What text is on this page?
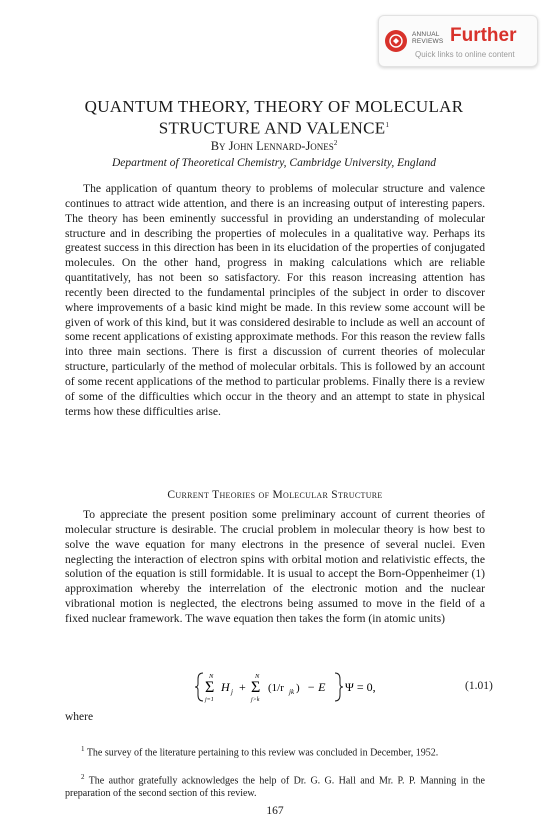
ANNUAL
REVIEWS Further
Quick links to online content
QUANTUM THEORY, THEORY OF MOLECULAR
STRUCTURE AND VALENCE$^1$
By John Lennard-Jones$^2$
Department of Theoretical Chemistry, Cambridge University, England

The application of quantum theory to problems of molecular structure and valence continues to attract wide attention, and there is an increasing output of interesting papers. The theory has been eminently successful in providing an understanding of molecular structure and in describing the properties of molecules in a qualitative way. Perhaps its greatest success in this direction has been in its elucidation of the properties of conjugated molecules. On the other hand, progress in making calculations which are reliable quantitatively, has not been so satisfactory. For this reason increasing attention has recently been directed to the fundamental principles of the subject in order to discover where improvements of a basic kind might be made. In this review some account will be given of work of this kind, but it was considered desirable to include as well an account of some recent applications of existing approximate methods. For this reason the review falls into three main sections. There is first a discussion of current theories of molecular structure, particularly of the method of molecular orbitals. This is followed by an account of some recent applications of the method to particular problems. Finally there is a review of some of the difficulties which occur in the theory and an attempt to state in physical terms how these difficulties arise.

Current Theories of Molecular Structure

To appreciate the present position some preliminary account of current theories of molecular structure is desirable. The crucial problem in molecular theory is how best to solve the wave equation for many electrons in the presence of several nuclei. Even neglecting the interaction of electron spins with orbital motion and relativistic effects, the solution of the equation is still formidable. It is usual to accept the Born-Oppenheimer (1) approximation whereby the interrelation of the electronic motion and the nuclear vibrational motion is neglected, the electrons being assumed to move in the field of a fixed nuclear framework. The wave equation then takes the form (in atomic units)

N
Σ
j=1
H j +
N
Σ
j>k
(1/r jk ) − E Ψ = 0,	(1.01)
where

$^1$ The survey of the literature pertaining to this review was concluded in December, 1952.

$^2$ The author gratefully acknowledges the help of Dr. G. G. Hall and Mr. P. P. Manning in the preparation of the second section of this review.

167
